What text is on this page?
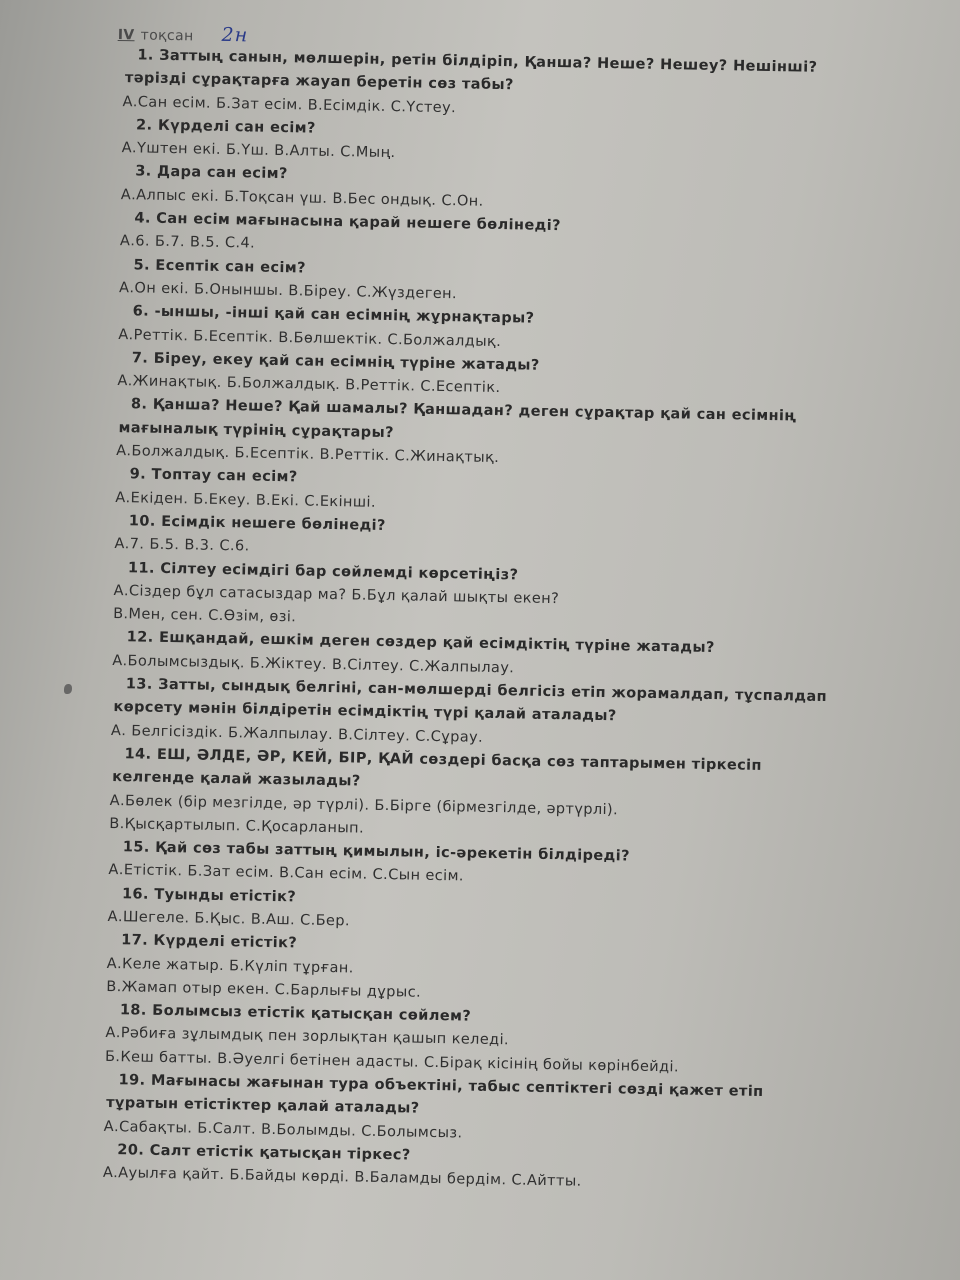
IV тоқсан 2н
1. Заттың санын, мөлшерін, ретін білдіріп, Қанша? Неше? Нешеу? Нешінші?
тәрізді сұрақтарға жауап беретін сөз табы?
А.Сан есім. Б.Зат есім. В.Есімдік. С.Үстеу.
2. Күрделі сан есім?
А.Үштен екі. Б.Үш. В.Алты. С.Мың.
3. Дара сан есім?
А.Алпыс екі. Б.Тоқсан үш. В.Бес ондық. С.Он.
4. Сан есім мағынасына қарай нешеге бөлінеді?
А.6. Б.7. В.5. С.4.
5. Есептік сан есім?
А.Он екі. Б.Оныншы. В.Біреу. С.Жүздеген.
6. -ыншы, -інші қай сан есімнің жұрнақтары?
А.Реттік. Б.Есептік. В.Бөлшектік. С.Болжалдық.
7. Біреу, екеу қай сан есімнің түріне жатады?
А.Жинақтық. Б.Болжалдық. В.Реттік. С.Есептік.
8. Қанша? Неше? Қай шамалы? Қаншадан? деген сұрақтар қай сан есімнің
мағыналық түрінің сұрақтары?
А.Болжалдық. Б.Есептік. В.Реттік. С.Жинақтық.
9. Топтау сан есім?
А.Екіден. Б.Екеу. В.Екі. С.Екінші.
10. Есімдік нешеге бөлінеді?
А.7. Б.5. В.3. С.6.
11. Сілтеу есімдігі бар сөйлемді көрсетіңіз?
А.Сіздер бұл сатасыздар ма? Б.Бұл қалай шықты екен?
В.Мен, сен. С.Өзім, өзі.
12. Ешқандай, ешкім деген сөздер қай есімдіктің түріне жатады?
А.Болымсыздық. Б.Жіктеу. В.Сілтеу. С.Жалпылау.
13. Затты, сындық белгіні, сан-мөлшерді белгісіз етіп жорамалдап, тұспалдап
көрсету мәнін білдіретін есімдіктің түрі қалай аталады?
А. Белгісіздік. Б.Жалпылау. В.Сілтеу. С.Сұрау.
14. ЕШ, ӘЛДЕ, ӘР, КЕЙ, БІР, ҚАЙ сөздері басқа сөз таптарымен тіркесіп
келгенде қалай жазылады?
А.Бөлек (бір мезгілде, әр түрлі). Б.Бірге (бірмезгілде, әртүрлі).
В.Қысқартылып. С.Қосарланып.
15. Қай сөз табы заттың қимылын, іс-әрекетін білдіреді?
А.Етістік. Б.Зат есім. В.Сан есім. С.Сын есім.
16. Туынды етістік?
А.Шегеле. Б.Қыс. В.Аш. С.Бер.
17. Күрделі етістік?
А.Келе жатыр. Б.Күліп тұрған.
В.Жамап отыр екен. С.Барлығы дұрыс.
18. Болымсыз етістік қатысқан сөйлем?
А.Рәбиға зұлымдық пен зорлықтан қашып келеді.
Б.Кеш батты. В.Әуелгі бетінен адасты. С.Бірақ кісінің бойы көрінбейді.
19. Мағынасы жағынан тура объектіні, табыс септіктегі сөзді қажет етіп
тұратын етістіктер қалай аталады?
А.Сабақты. Б.Салт. В.Болымды. С.Болымсыз.
20. Салт етістік қатысқан тіркес?
А.Ауылға қайт. Б.Байды көрді. В.Баламды бердім. С.Айтты.
